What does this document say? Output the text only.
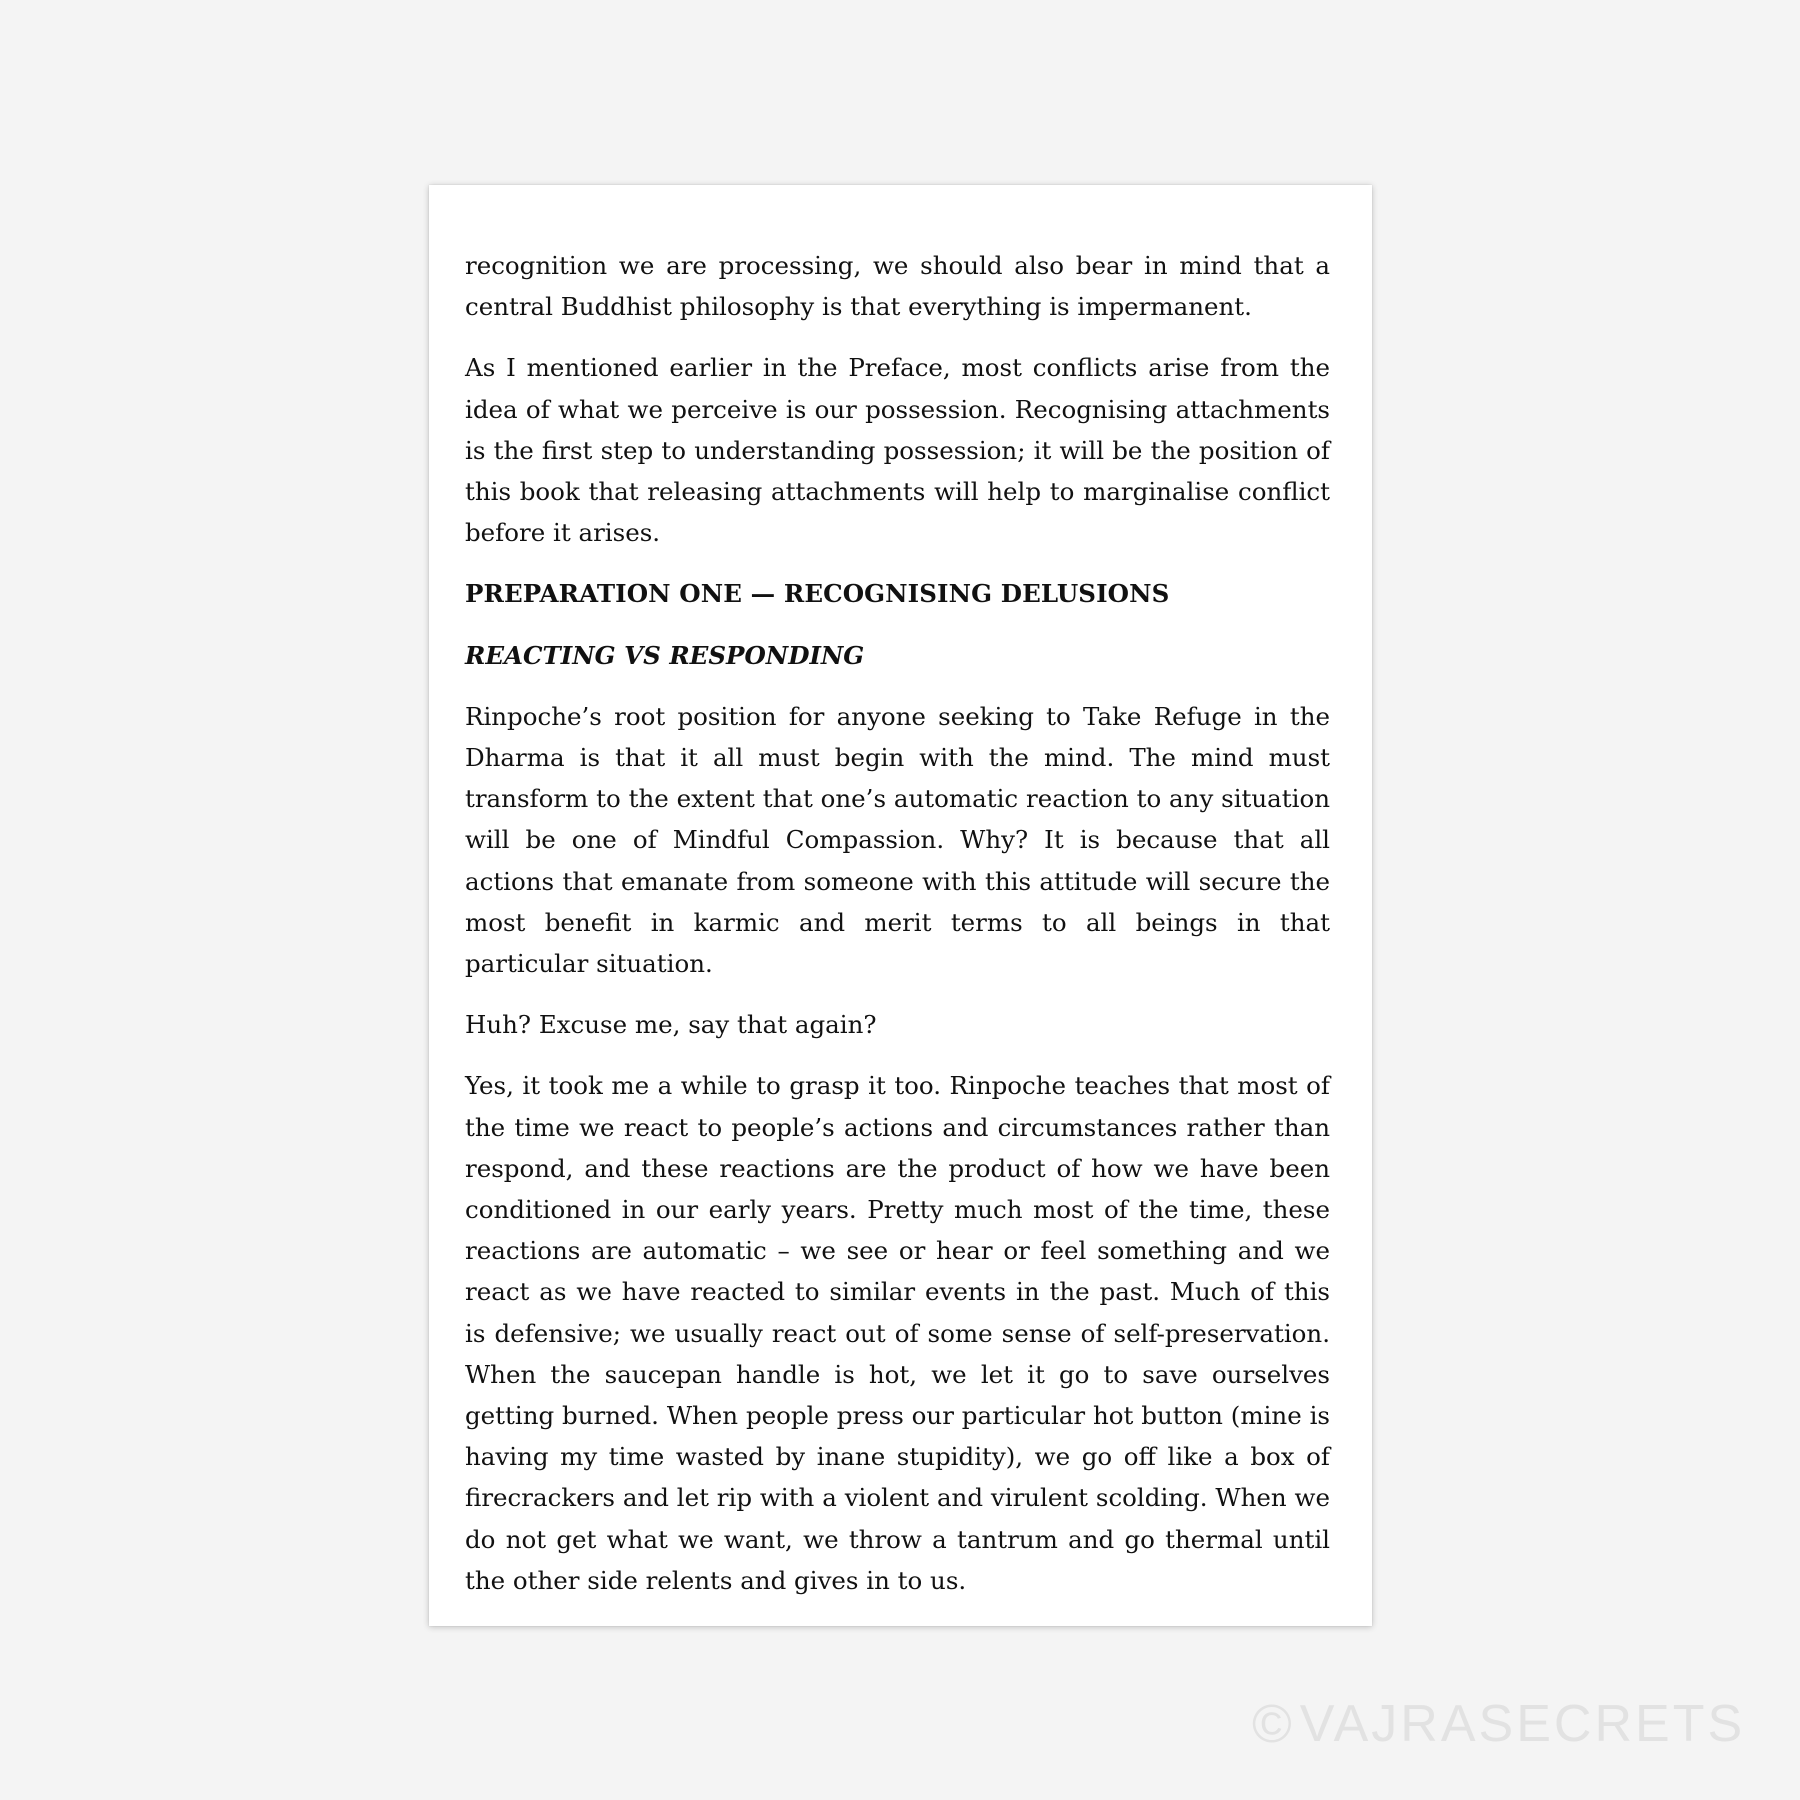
recognition we are processing, we should also bear in mind that a central Buddhist philosophy is that everything is impermanent.

As I mentioned earlier in the Preface, most conflicts arise from the idea of what we perceive is our possession. Recognising attachments is the first step to understanding possession; it will be the position of this book that releasing attachments will help to marginalise conflict before it arises.

PREPARATION ONE — RECOGNISING DELUSIONS
REACTING VS RESPONDING

Rinpoche’s root position for anyone seeking to Take Refuge in the Dharma is that it all must begin with the mind. The mind must transform to the extent that one’s automatic reaction to any situation will be one of Mindful Compassion. Why? It is because that all actions that emanate from someone with this attitude will secure the most benefit in karmic and merit terms to all beings in that particular situation.

Huh? Excuse me, say that again?

Yes, it took me a while to grasp it too. Rinpoche teaches that most of the time we react to people’s actions and circumstances rather than respond, and these reactions are the product of how we have been conditioned in our early years. Pretty much most of the time, these reactions are automatic – we see or hear or feel something and we react as we have reacted to similar events in the past. Much of this is defensive; we usually react out of some sense of self-preservation. When the saucepan handle is hot, we let it go to save ourselves getting burned. When people press our particular hot button (mine is having my time wasted by inane stupidity), we go off like a box of firecrackers and let rip with a violent and virulent scolding. When we do not get what we want, we throw a tantrum and go thermal until the other side relents and gives in to us.

© VAJRASECRETS
